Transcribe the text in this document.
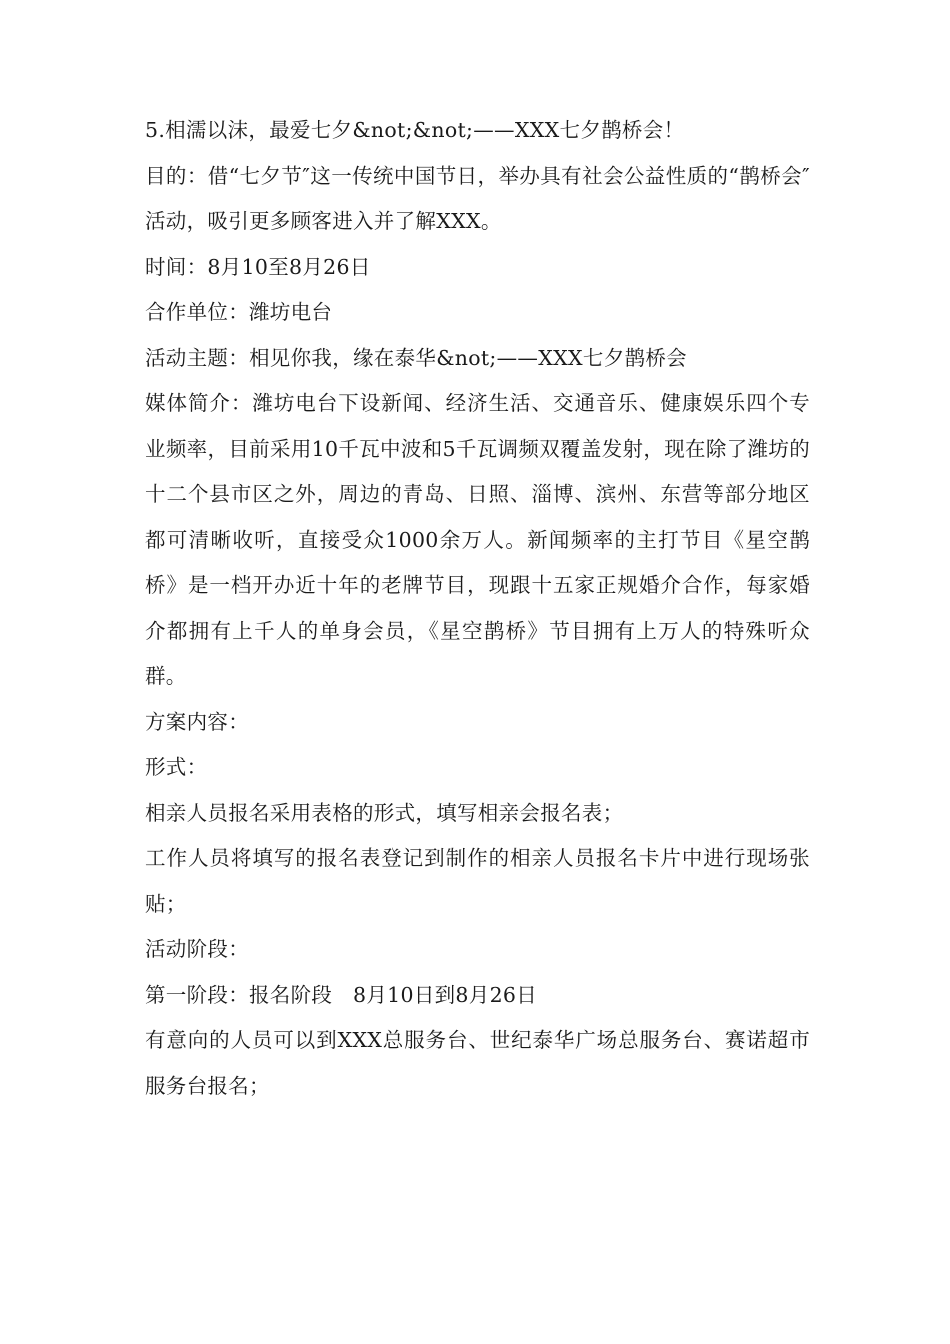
5.相濡以沫，最爱七夕&not;&not;——XXX七夕鹊桥会！

目的：借“七夕节″这一传统中国节日，举办具有社会公益性质的“鹊桥会″活动，吸引更多顾客进入并了解XXX。

时间：8月10至8月26日

合作单位：潍坊电台

活动主题：相见你我，缘在泰华&not;——XXX七夕鹊桥会

媒体简介：潍坊电台下设新闻、经济生活、交通音乐、健康娱乐四个专业频率，目前采用10千瓦中波和5千瓦调频双覆盖发射，现在除了潍坊的十二个县市区之外，周边的青岛、日照、淄博、滨州、东营等部分地区都可清晰收听，直接受众1000余万人。新闻频率的主打节目《星空鹊桥》是一档开办近十年的老牌节目，现跟十五家正规婚介合作，每家婚介都拥有上千人的单身会员，《星空鹊桥》节目拥有上万人的特殊听众群。

方案内容：

形式：

相亲人员报名采用表格的形式，填写相亲会报名表；

工作人员将填写的报名表登记到制作的相亲人员报名卡片中进行现场张贴；

活动阶段：

第一阶段：报名阶段　8月10日到8月26日

有意向的人员可以到XXX总服务台、世纪泰华广场总服务台、赛诺超市服务台报名；
